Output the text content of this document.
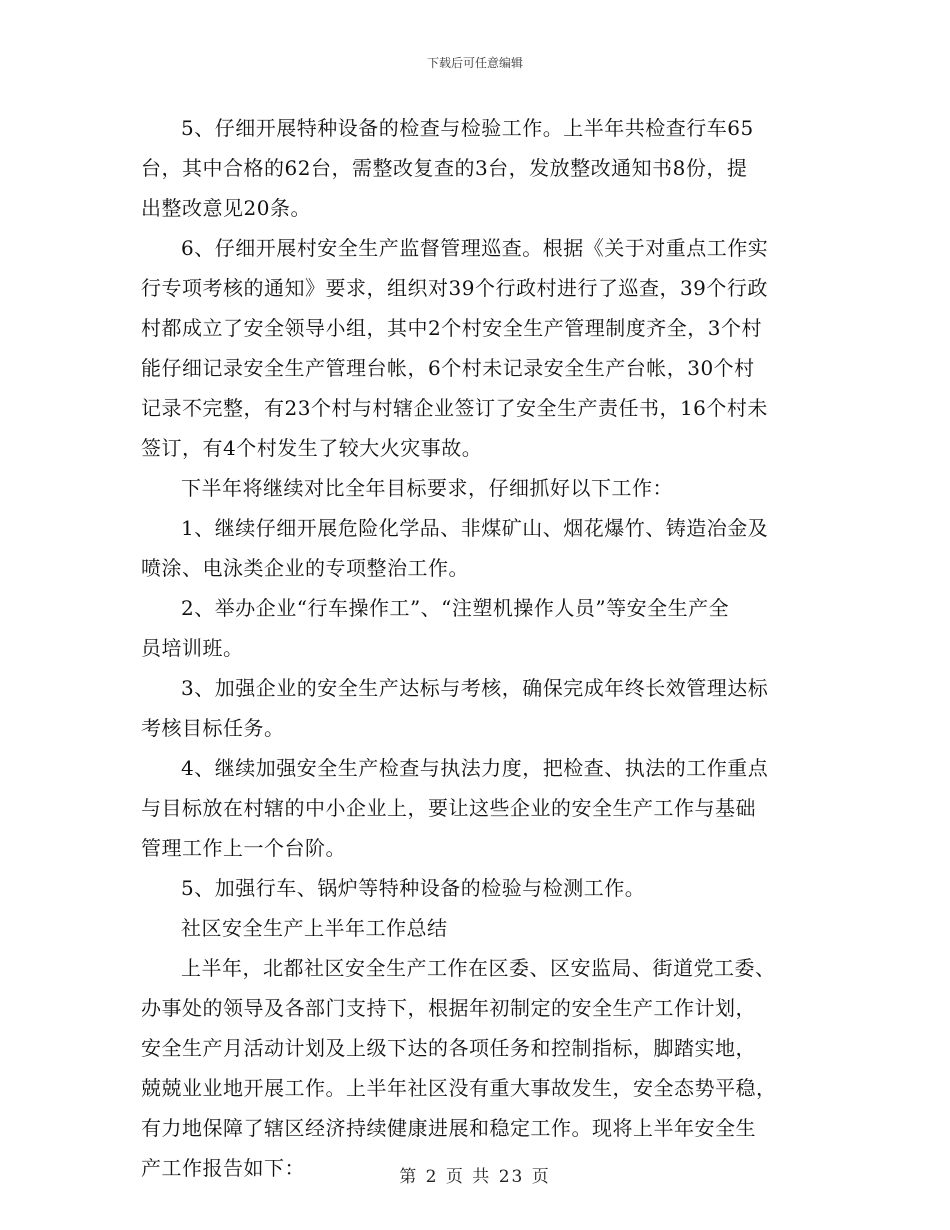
下载后可任意编辑

5、仔细开展特种设备的检查与检验工作。上半年共检查行车65
台，其中合格的62台，需整改复查的3台，发放整改通知书8份，提
出整改意见20条。

6、仔细开展村安全生产监督管理巡查。根据《关于对重点工作实
行专项考核的通知》要求，组织对39个行政村进行了巡查，39个行政
村都成立了安全领导小组，其中2个村安全生产管理制度齐全，3个村
能仔细记录安全生产管理台帐，6个村未记录安全生产台帐，30个村
记录不完整，有23个村与村辖企业签订了安全生产责任书，16个村未
签订，有4个村发生了较大火灾事故。

下半年将继续对比全年目标要求，仔细抓好以下工作：

1、继续仔细开展危险化学品、非煤矿山、烟花爆竹、铸造冶金及
喷涂、电泳类企业的专项整治工作。

2、举办企业“行车操作工”、“注塑机操作人员”等安全生产全
员培训班。

3、加强企业的安全生产达标与考核，确保完成年终长效管理达标
考核目标任务。

4、继续加强安全生产检查与执法力度，把检查、执法的工作重点
与目标放在村辖的中小企业上，要让这些企业的安全生产工作与基础
管理工作上一个台阶。

5、加强行车、锅炉等特种设备的检验与检测工作。

社区安全生产上半年工作总结

上半年，北都社区安全生产工作在区委、区安监局、街道党工委、
办事处的领导及各部门支持下，根据年初制定的安全生产工作计划，
安全生产月活动计划及上级下达的各项任务和控制指标，脚踏实地，
兢兢业业地开展工作。上半年社区没有重大事故发生，安全态势平稳，
有力地保障了辖区经济持续健康进展和稳定工作。现将上半年安全生
产工作报告如下：	第 2 页 共 23 页
